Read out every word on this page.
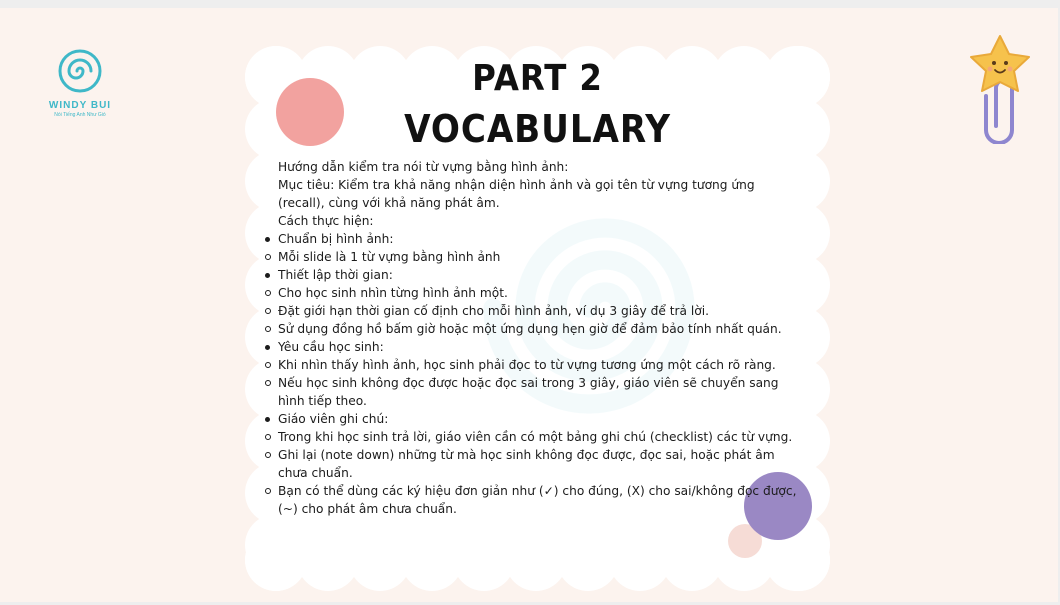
WINDY BUI
Nói Tiếng Anh Như Gió
PART 2
VOCABULARY

Hướng dẫn kiểm tra nói từ vựng bằng hình ảnh:

Mục tiêu: Kiểm tra khả năng nhận diện hình ảnh và gọi tên từ vựng tương ứng (recall), cùng với khả năng phát âm.

Cách thực hiện:

Chuẩn bị hình ảnh:
Mỗi slide là 1 từ vựng bằng hình ảnh
Thiết lập thời gian:
Cho học sinh nhìn từng hình ảnh một.
Đặt giới hạn thời gian cố định cho mỗi hình ảnh, ví dụ 3 giây để trả lời.
Sử dụng đồng hồ bấm giờ hoặc một ứng dụng hẹn giờ để đảm bảo tính nhất quán.
Yêu cầu học sinh:
Khi nhìn thấy hình ảnh, học sinh phải đọc to từ vựng tương ứng một cách rõ ràng.
Nếu học sinh không đọc được hoặc đọc sai trong 3 giây, giáo viên sẽ chuyển sang hình tiếp theo.
Giáo viên ghi chú:
Trong khi học sinh trả lời, giáo viên cần có một bảng ghi chú (checklist) các từ vựng.
Ghi lại (note down) những từ mà học sinh không đọc được, đọc sai, hoặc phát âm chưa chuẩn.
Bạn có thể dùng các ký hiệu đơn giản như (✓) cho đúng, (X) cho sai/không đọc được, (~) cho phát âm chưa chuẩn.
